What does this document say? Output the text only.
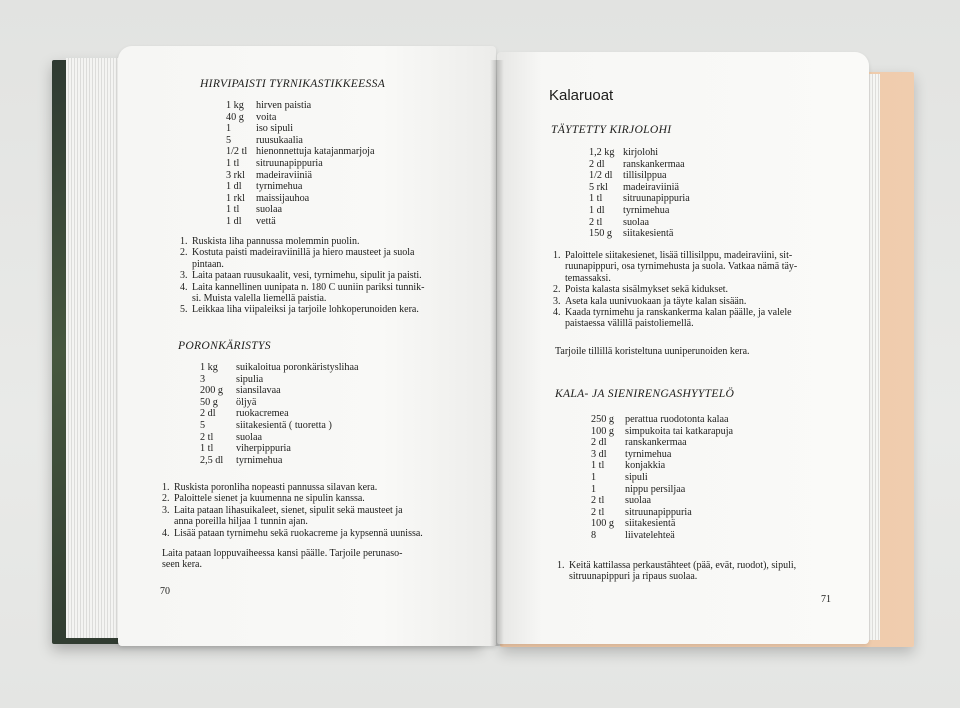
HIRVIPAISTI TYRNIKASTIKKEESSA
1 kg	hirven paistia
40 g	voita
1	iso sipuli
5	ruusukaalia
1/2 tl hienonnettuja katajanmarjoja
1 tl	sitruunapippuria
3 rkl	madeiraviiniä
1 dl	tyrnimehua
1 rkl	maissijauhoa
1 tl	suolaa
1 dl	vettä
1. Ruskista liha pannussa molemmin puolin.
2. Kostuta paisti madeiraviinillä ja hiero mausteet ja suola
pintaan.
3. Laita pataan ruusukaalit, vesi, tyrnimehu, sipulit ja paisti.
4. Laita kannellinen uunipata n. 180 C uuniin pariksi tunnik-
si. Muista valella liemellä paistia.
5. Leikkaa liha viipaleiksi ja tarjoile lohkoperunoiden kera.
PORONKÄRISTYS
1 kg	suikaloitua poronkäristyslihaa
3	sipulia
200 g	siansilavaa
50 g	öljyä
2 dl	ruokacremea
5	siitakesientä ( tuoretta )
2 tl	suolaa
1 tl	viherpippuria
2,5 dl	tyrnimehua
1. Ruskista poronliha nopeasti pannussa silavan kera.
2. Paloittele sienet ja kuumenna ne sipulin kanssa.
3. Laita pataan lihasuikaleet, sienet, sipulit sekä mausteet ja
anna poreilla hiljaa 1 tunnin ajan.
4. Lisää pataan tyrnimehu sekä ruokacreme ja kypsennä uunissa.
Laita pataan loppuvaiheessa kansi päälle. Tarjoile perunaso-
seen kera.
70
Kalaruoat
TÄYTETTY KIRJOLOHI
1,2 kg kirjolohi
2 dl	ranskankermaa
1/2 dl	tillisilppua
5 rkl	madeiraviiniä
1 tl	sitruunapippuria
1 dl	tyrnimehua
2 tl	suolaa
150 g	siitakesientä
1. Paloittele siitakesienet, lisää tillisilppu, madeiraviini, sit-
ruunapippuri, osa tyrnimehusta ja suola. Vatkaa nämä täy-
temassaksi.
2. Poista kalasta sisälmykset sekä kidukset.
3. Aseta kala uunivuokaan ja täyte kalan sisään.
4. Kaada tyrnimehu ja ranskankerma kalan päälle, ja valele
paistaessa välillä paistoliemellä.
Tarjoile tillillä koristeltuna uuniperunoiden kera.
KALA- JA SIENIRENGASHYYTELÖ
250 g	perattua ruodotonta kalaa
100 g	simpukoita tai katkarapuja
2 dl	ranskankermaa
3 dl	tyrnimehua
1 tl	konjakkia
1	sipuli
1	nippu persiljaa
2 tl	suolaa
2 tl	sitruunapippuria
100 g	siitakesientä
8	liivatelehteä
1. Keitä kattilassa perkaustähteet (pää, evät, ruodot), sipuli,
sitruunapippuri ja ripaus suolaa.
71
